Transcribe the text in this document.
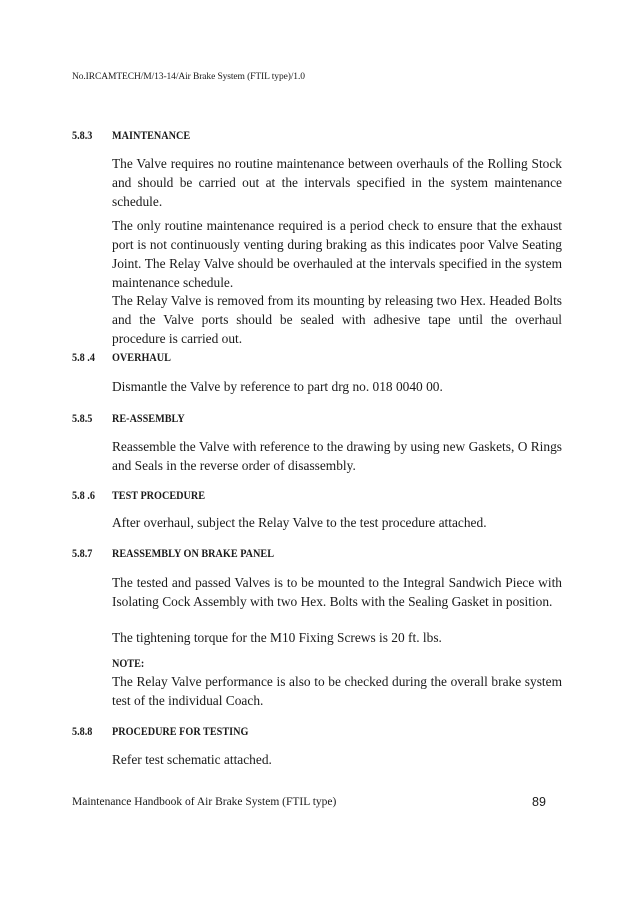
No.IRCAMTECH/M/13-14/Air Brake System (FTIL type)/1.0
5.8.3 MAINTENANCE
The Valve requires no routine maintenance between overhauls of the Rolling Stock and should be carried out at the intervals specified in the system maintenance schedule.
The only routine maintenance required is a period check to ensure that the exhaust port is not continuously venting during braking as this indicates poor Valve Seating Joint. The Relay Valve should be overhauled at the intervals specified in the system maintenance schedule.
The Relay Valve is removed from its mounting by releasing two Hex. Headed Bolts and the Valve ports should be sealed with adhesive tape until the overhaul procedure is carried out.
5.8 .4 OVERHAUL
Dismantle the Valve by reference to part drg no. 018 0040 00.
5.8.5 RE-ASSEMBLY
Reassemble the Valve with reference to the drawing by using new Gaskets, O Rings and Seals in the reverse order of disassembly.
5.8 .6 TEST PROCEDURE
After overhaul, subject the Relay Valve to the test procedure attached.
5.8.7 REASSEMBLY ON BRAKE PANEL
The tested and passed Valves is to be mounted to the Integral Sandwich Piece with Isolating Cock Assembly with two Hex. Bolts with the Sealing Gasket in position.
The tightening torque for the M10 Fixing Screws is 20 ft. lbs.
NOTE:
The Relay Valve performance is also to be checked during the overall brake system test of the individual Coach.
5.8.8 PROCEDURE FOR TESTING
Refer test schematic attached.
Maintenance Handbook of Air Brake System (FTIL type)	89
